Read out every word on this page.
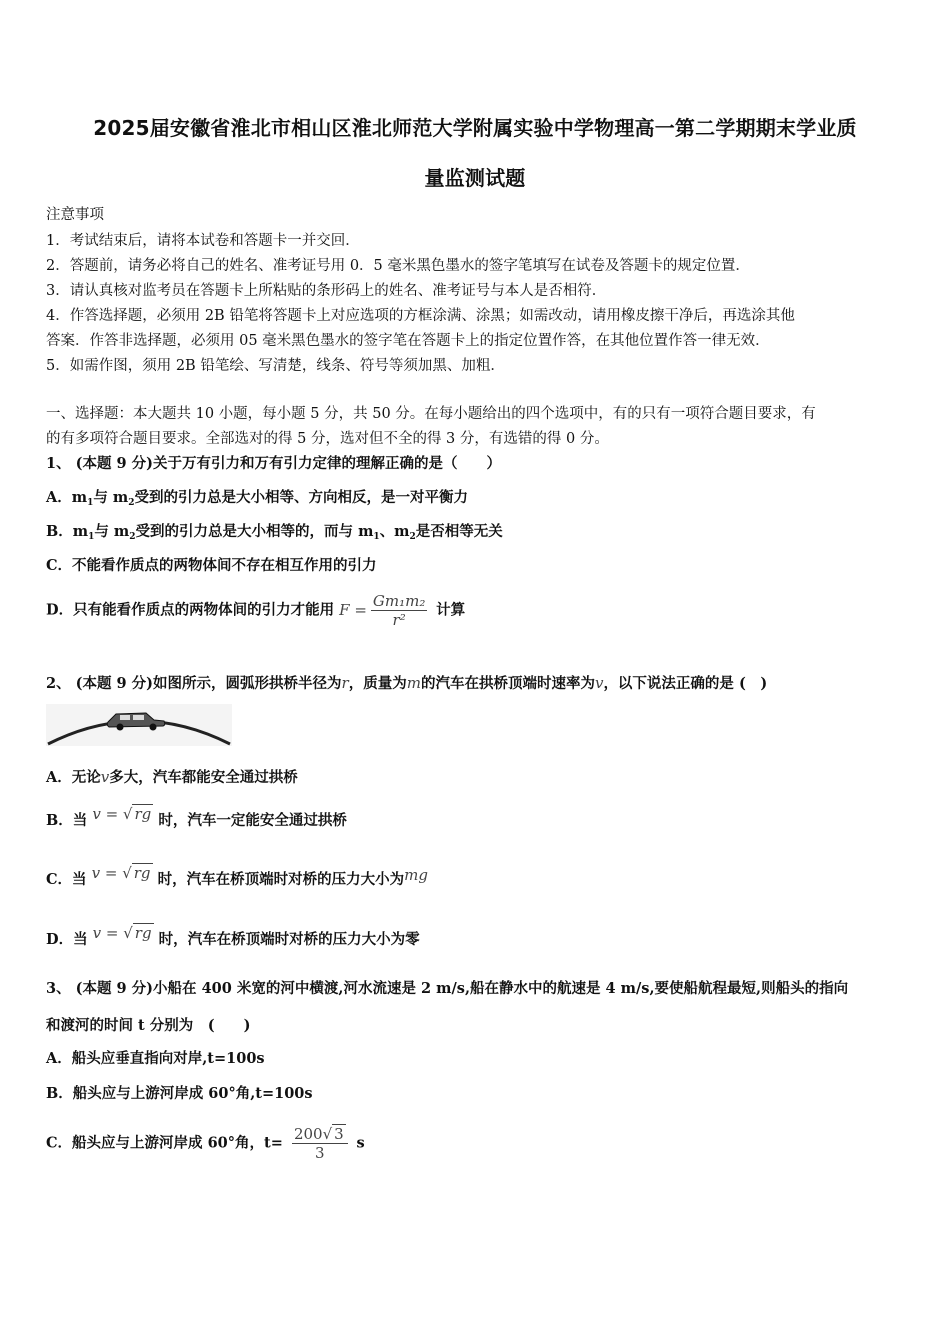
2025届安徽省淮北市相山区淮北师范大学附属实验中学物理高一第二学期期末学业质
量监测试题
注意事项
1．考试结束后，请将本试卷和答题卡一并交回．
2．答题前，请务必将自己的姓名、准考证号用 0．5 毫米黑色墨水的签字笔填写在试卷及答题卡的规定位置．
3．请认真核对监考员在答题卡上所粘贴的条形码上的姓名、准考证号与本人是否相符．
4．作答选择题，必须用 2B 铅笔将答题卡上对应选项的方框涂满、涂黑；如需改动，请用橡皮擦干净后，再选涂其他
答案．作答非选择题，必须用 05 毫米黑色墨水的签字笔在答题卡上的指定位置作答，在其他位置作答一律无效．
5．如需作图，须用 2B 铅笔绘、写清楚，线条、符号等须加黑、加粗．
一、选择题：本大题共 10 小题，每小题 5 分，共 50 分。在每小题给出的四个选项中，有的只有一项符合题目要求，有
的有多项符合题目要求。全部选对的得 5 分，选对但不全的得 3 分，有选错的得 0 分。
1、 (本题 9 分)关于万有引力和万有引力定律的理解正确的是（　　）
A．$m_1$与 $m_2$受到的引力总是大小相等、方向相反，是一对平衡力
B．$m_1$与 $m_2$受到的引力总是大小相等的，而与 $m_1$、$m_2$是否相等无关
C．不能看作质点的两物体间不存在相互作用的引力
D．只有能看作质点的两物体间的引力才能用 $F = \frac{\text{Gm₁m₂}}{\text{r²}}$ 计算
2、 (本题 9 分)如图所示，圆弧形拱桥半径为r，质量为m的汽车在拱桥顶端时速率为v，以下说法正确的是 (　)
A．无论v多大，汽车都能安全通过拱桥
B．当 v = √ rg 时，汽车一定能安全通过拱桥
C．当 v = √ rg 时，汽车在桥顶端时对桥的压力大小为mg
D．当 v = √ rg 时，汽车在桥顶端时对桥的压力大小为零
3、 (本题 9 分)小船在 400 米宽的河中横渡,河水流速是 2 m/s,船在静水中的航速是 4 m/s,要使船航程最短,则船头的指向
和渡河的时间 t 分别为　(　　)
A．船头应垂直指向对岸,t=100s
B．船头应与上游河岸成 60°角,t=100s
C．船头应与上游河岸成 60°角，$t= \frac{200√ 3}{3}$ s
